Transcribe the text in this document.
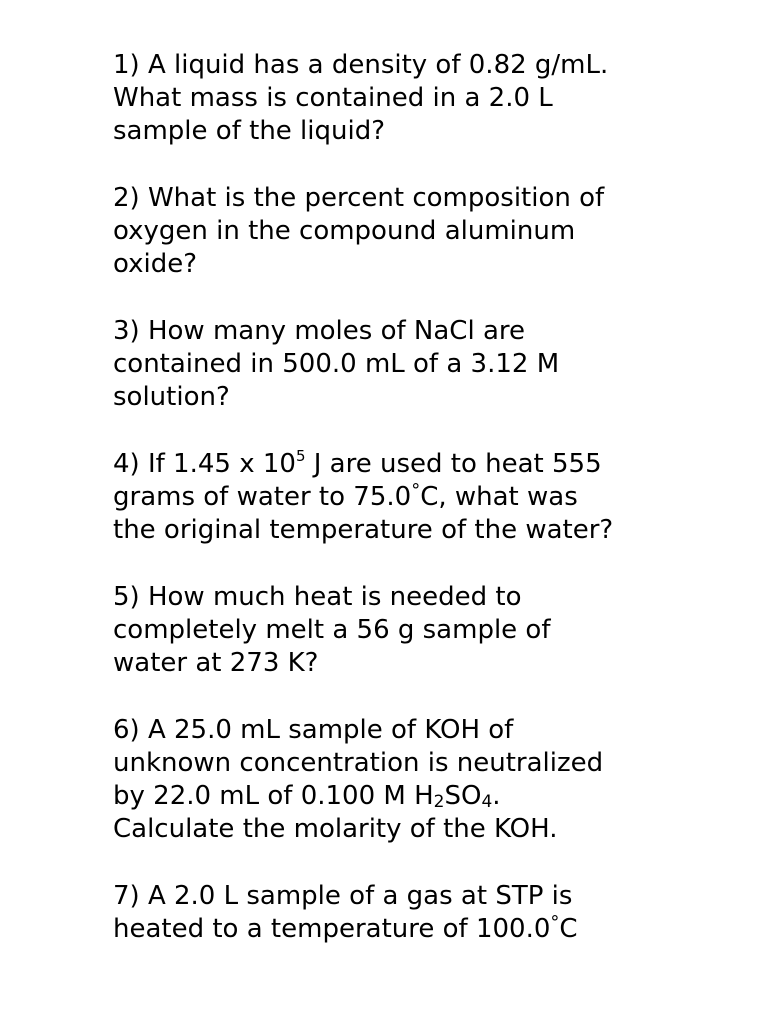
1) A liquid has a density of 0.82 g/mL.
What mass is contained in a 2.0 L
sample of the liquid?
2) What is the percent composition of
oxygen in the compound aluminum
oxide?
3) How many moles of NaCl are
contained in 500.0 mL of a 3.12 M
solution?
4) If 1.45 x $10^5$ J are used to heat 555
grams of water to 75.0°C, what was
the original temperature of the water?
5) How much heat is needed to
completely melt a 56 g sample of
water at 273 K?
6) A 25.0 mL sample of KOH of
unknown concentration is neutralized
by 22.0 mL of 0.100 M $H_2SO_4$.
Calculate the molarity of the KOH.
7) A 2.0 L sample of a gas at STP is
heated to a temperature of 100.0°C
